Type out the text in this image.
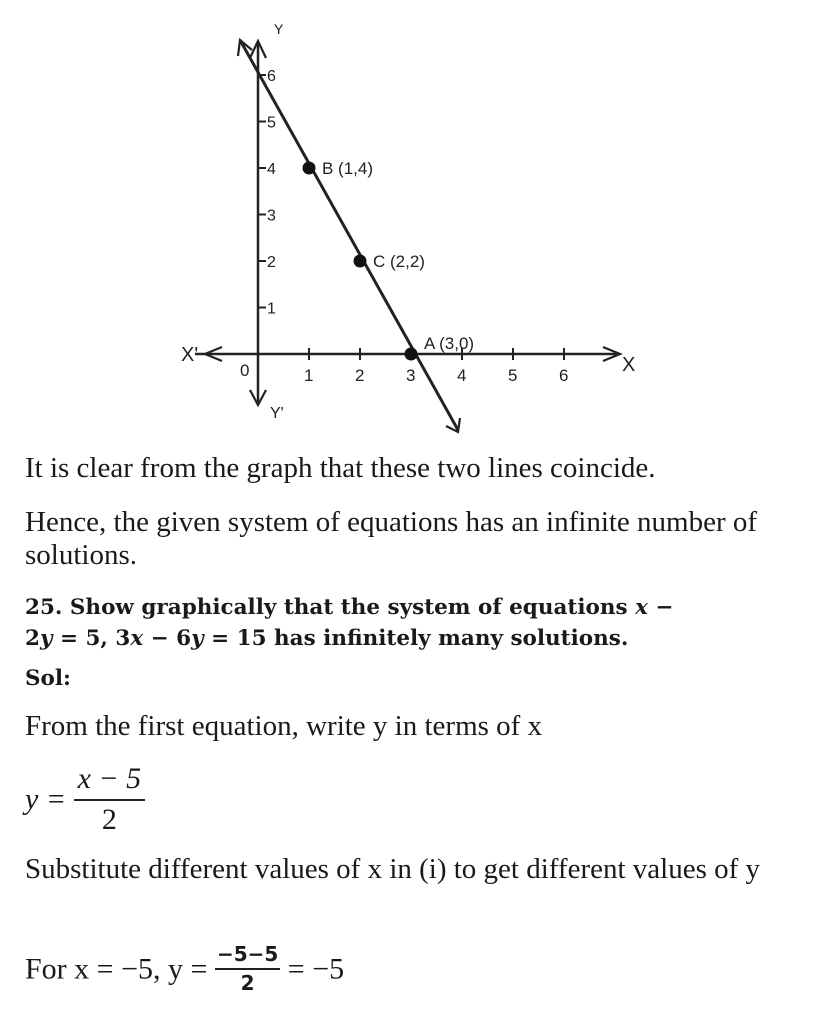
1 2 3 4 5 6
1
2
3
4
5
6
Y
Y'
X
X'
0
B (1,4)
C (2,2)
A (3,0)

It is clear from the graph that these two lines coincide.

Hence, the given system of equations has an infinite number of solutions.

25. Show graphically that the system of equations x −
2y = 5, 3x − 6y = 15 has infinitely many solutions.

Sol:

From the first equation, write y in terms of x

$y = \frac{x - 5}{2}$

Substitute different values of x in (i) to get different values of y

For x = −5, $y = \frac{-5-5}{2} = -5$
